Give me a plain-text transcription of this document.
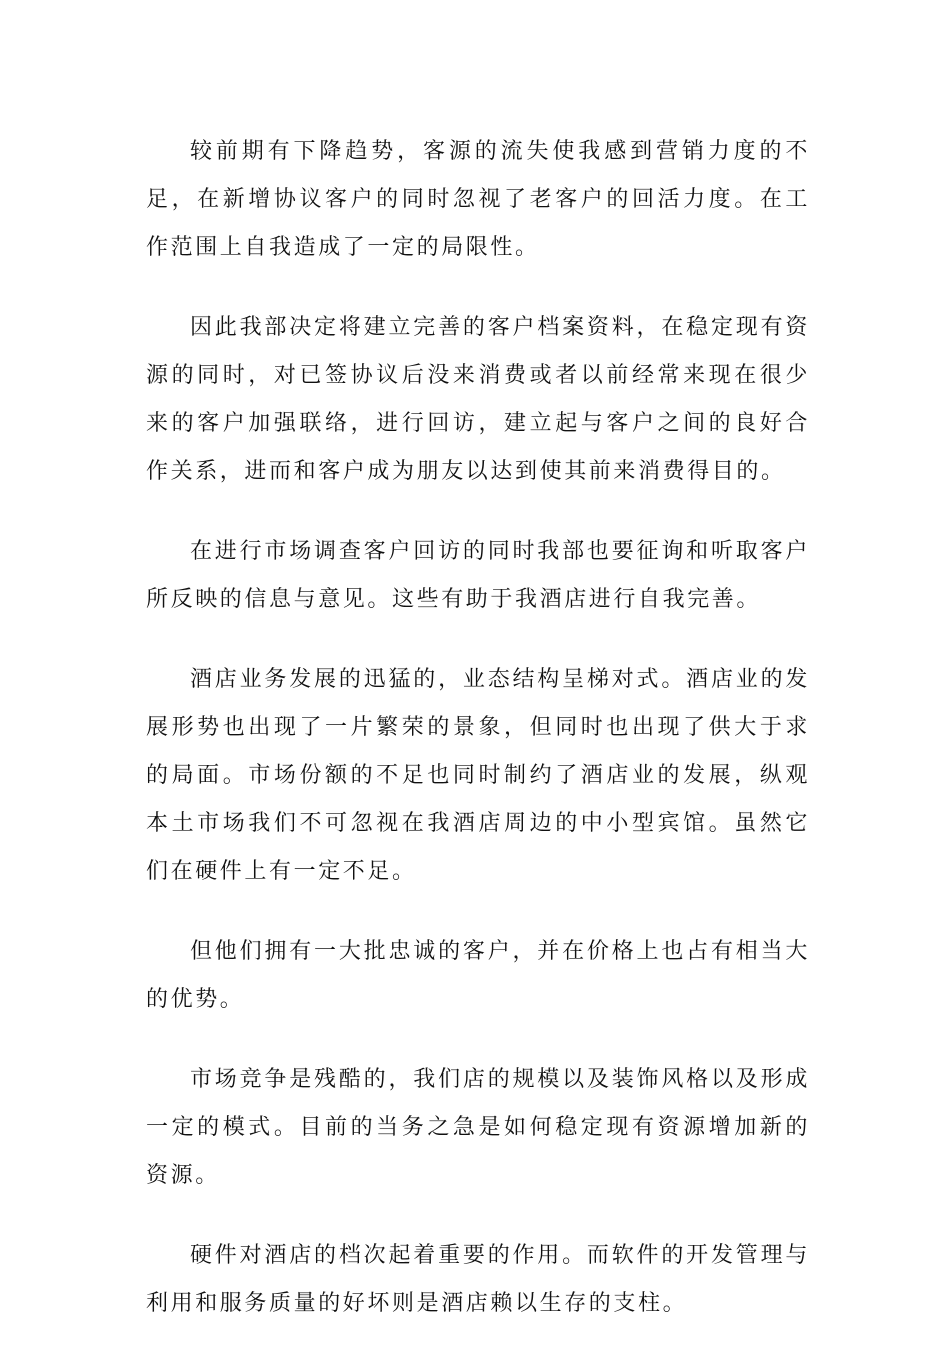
较前期有下降趋势，客源的流失使我感到营销力度的不足，在新增协议客户的同时忽视了老客户的回活力度。在工作范围上自我造成了一定的局限性。

因此我部决定将建立完善的客户档案资料，在稳定现有资源的同时，对已签协议后没来消费或者以前经常来现在很少来的客户加强联络，进行回访，建立起与客户之间的良好合作关系，进而和客户成为朋友以达到使其前来消费得目的。

在进行市场调查客户回访的同时我部也要征询和听取客户所反映的信息与意见。这些有助于我酒店进行自我完善。

酒店业务发展的迅猛的，业态结构呈梯对式。酒店业的发展形势也出现了一片繁荣的景象，但同时也出现了供大于求的局面。市场份额的不足也同时制约了酒店业的发展，纵观本土市场我们不可忽视在我酒店周边的中小型宾馆。虽然它们在硬件上有一定不足。

但他们拥有一大批忠诚的客户，并在价格上也占有相当大的优势。

市场竞争是残酷的，我们店的规模以及装饰风格以及形成一定的模式。目前的当务之急是如何稳定现有资源增加新的资源。

硬件对酒店的档次起着重要的作用。而软件的开发管理与利用和服务质量的好坏则是酒店赖以生存的支柱。
